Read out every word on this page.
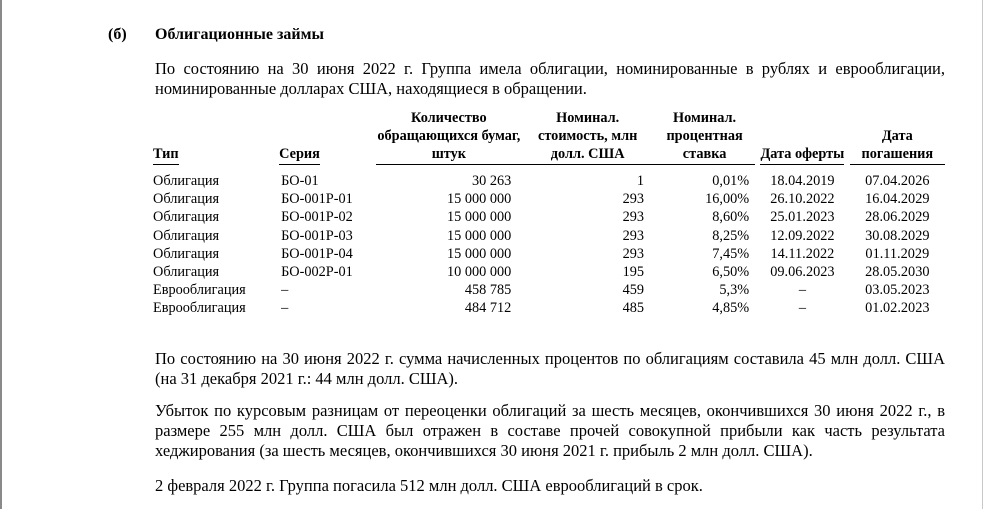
(б) Облигационные займы
По состоянию на 30 июня 2022 г. Группа имела облигации, номинированные в рублях и еврооблигации, номинированные долларах США, находящиеся в обращении.
Тип	Серия	Количество обращающихся бумаг, штук	Номинал. стоимость, млн долл. США	Номинал. процентная ставка	Дата оферты	Дата погашения

Облигация	БО-01	30 263	1	0,01%	18.04.2019	07.04.2026
Облигация	БО-001Р-01	15 000 000	293	16,00%	26.10.2022	16.04.2029
Облигация	БО-001Р-02	15 000 000	293	8,60%	25.01.2023	28.06.2029
Облигация	БО-001Р-03	15 000 000	293	8,25%	12.09.2022	30.08.2029
Облигация	БО-001Р-04	15 000 000	293	7,45%	14.11.2022	01.11.2029
Облигация	БО-002Р-01	10 000 000	195	6,50%	09.06.2023	28.05.2030
Еврооблигация	–	458 785	459	5,3%	–	03.05.2023
Еврооблигация	–	484 712	485	4,85%	–	01.02.2023
По состоянию на 30 июня 2022 г. сумма начисленных процентов по облигациям составила 45 млн долл. США (на 31 декабря 2021 г.: 44 млн долл. США).
Убыток по курсовым разницам от переоценки облигаций за шесть месяцев, окончившихся 30 июня 2022 г., в размере 255 млн долл. США был отражен в составе прочей совокупной прибыли как часть результата хеджирования (за шесть месяцев, окончившихся 30 июня 2021 г. прибыль 2 млн долл. США).
2 февраля 2022 г. Группа погасила 512 млн долл. США еврооблигаций в срок.
